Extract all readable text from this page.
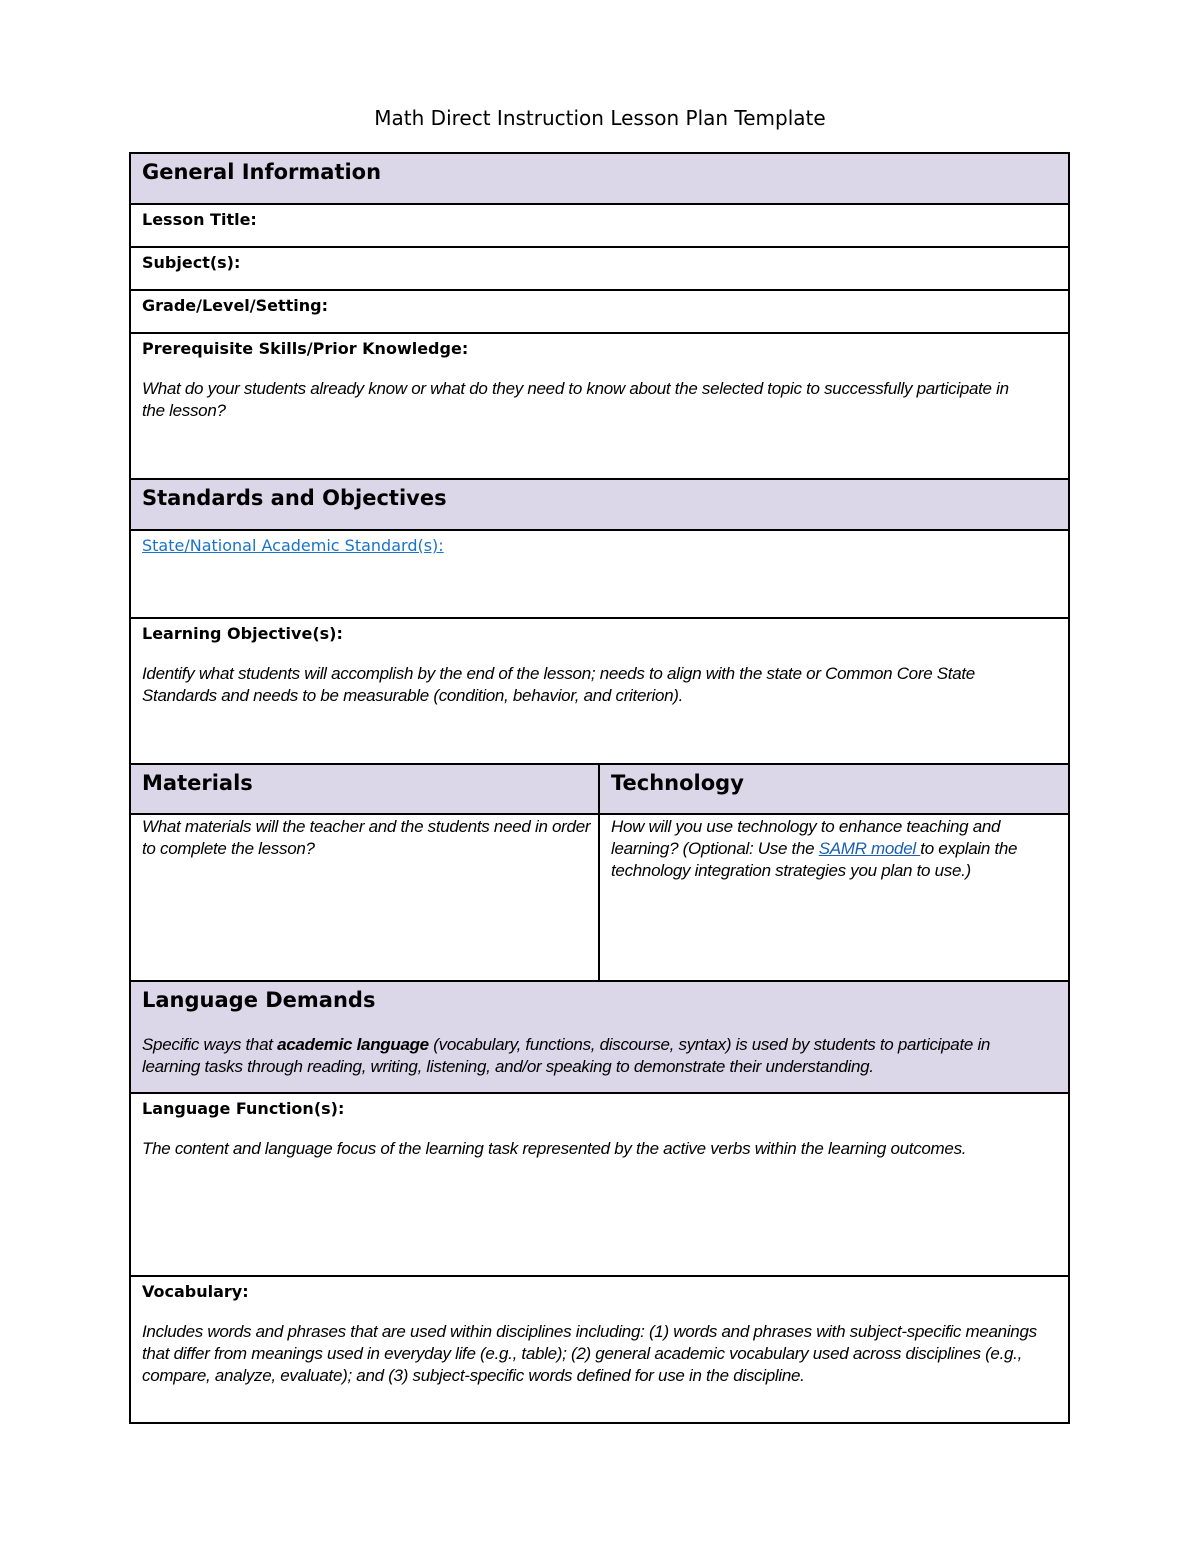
Math Direct Instruction Lesson Plan Template
General Information
Lesson Title:
Subject(s):
Grade/Level/Setting:
Prerequisite Skills/Prior Knowledge:
What do your students already know or what do they need to know about the selected topic to successfully participate in the lesson?
Standards and Objectives
State/National Academic Standard(s):
Learning Objective(s):
Identify what students will accomplish by the end of the lesson; needs to align with the state or Common Core State Standards and needs to be measurable (condition, behavior, and criterion).
Materials	Technology
What materials will the teacher and the students need in order to complete the lesson?
How will you use technology to enhance teaching and learning? (Optional: Use the SAMR model to explain the technology integration strategies you plan to use.)
Language Demands
Specific ways that academic language (vocabulary, functions, discourse, syntax) is used by students to participate in learning tasks through reading, writing, listening, and/or speaking to demonstrate their understanding.
Language Function(s):
The content and language focus of the learning task represented by the active verbs within the learning outcomes.
Vocabulary:
Includes words and phrases that are used within disciplines including: (1) words and phrases with subject-specific meanings that differ from meanings used in everyday life (e.g., table); (2) general academic vocabulary used across disciplines (e.g., compare, analyze, evaluate); and (3) subject-specific words defined for use in the discipline.
